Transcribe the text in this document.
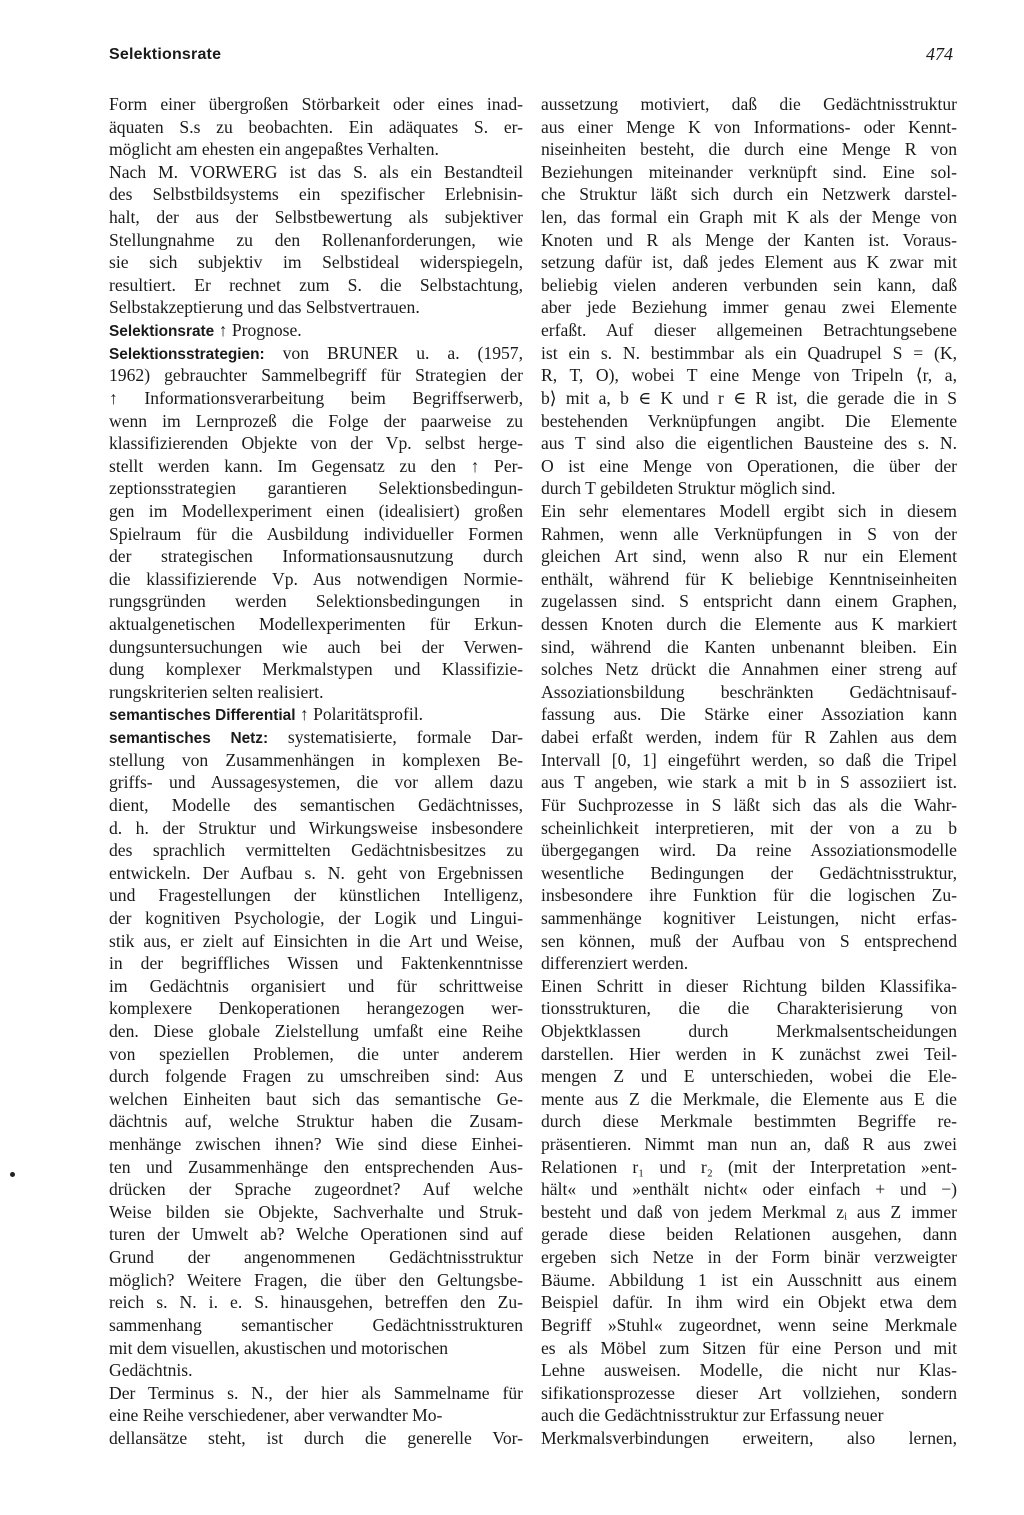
Selektionsrate	474
Form einer übergroßen Störbarkeit oder eines inad-
äquaten S.s zu beobachten. Ein adäquates S. er-
möglicht am ehesten ein angepaßtes Verhalten.
Nach M. VORWERG ist das S. als ein Bestandteil
des Selbstbildsystems ein spezifischer Erlebnisin-
halt, der aus der Selbstbewertung als subjektiver
Stellungnahme zu den Rollenanforderungen, wie
sie sich subjektiv im Selbstideal widerspiegeln,
resultiert. Er rechnet zum S. die Selbstachtung,
Selbstakzeptierung und das Selbstvertrauen.
Selektionsrate ↑ Prognose.
Selektionsstrategien: von BRUNER u. a. (1957,
1962) gebrauchter Sammelbegriff für Strategien der
↑ Informationsverarbeitung beim Begriffserwerb,
wenn im Lernprozeß die Folge der paarweise zu
klassifizierenden Objekte von der Vp. selbst herge-
stellt werden kann. Im Gegensatz zu den ↑ Per-
zeptionsstrategien garantieren Selektionsbedingun-
gen im Modellexperiment einen (idealisiert) großen
Spielraum für die Ausbildung individueller Formen
der strategischen Informationsausnutzung durch
die klassifizierende Vp. Aus notwendigen Normie-
rungsgründen werden Selektionsbedingungen in
aktualgenetischen Modellexperimenten für Erkun-
dungsuntersuchungen wie auch bei der Verwen-
dung komplexer Merkmalstypen und Klassifizie-
rungskriterien selten realisiert.
semantisches Differential ↑ Polaritätsprofil.
semantisches Netz: systematisierte, formale Dar-
stellung von Zusammenhängen in komplexen Be-
griffs- und Aussagesystemen, die vor allem dazu
dient, Modelle des semantischen Gedächtnisses,
d. h. der Struktur und Wirkungsweise insbesondere
des sprachlich vermittelten Gedächtnisbesitzes zu
entwickeln. Der Aufbau s. N. geht von Ergebnissen
und Fragestellungen der künstlichen Intelligenz,
der kognitiven Psychologie, der Logik und Lingui-
stik aus, er zielt auf Einsichten in die Art und Weise,
in der begriffliches Wissen und Faktenkenntnisse
im Gedächtnis organisiert und für schrittweise
komplexere Denkoperationen herangezogen wer-
den. Diese globale Zielstellung umfaßt eine Reihe
von speziellen Problemen, die unter anderem
durch folgende Fragen zu umschreiben sind: Aus
welchen Einheiten baut sich das semantische Ge-
dächtnis auf, welche Struktur haben die Zusam-
menhänge zwischen ihnen? Wie sind diese Einhei-
ten und Zusammenhänge den entsprechenden Aus-
drücken der Sprache zugeordnet? Auf welche
Weise bilden sie Objekte, Sachverhalte und Struk-
turen der Umwelt ab? Welche Operationen sind auf
Grund der angenommenen Gedächtnisstruktur
möglich? Weitere Fragen, die über den Geltungsbe-
reich s. N. i. e. S. hinausgehen, betreffen den Zu-
sammenhang semantischer Gedächtnisstrukturen
mit dem visuellen, akustischen und motorischen
Gedächtnis.
Der Terminus s. N., der hier als Sammelname für
eine Reihe verschiedener, aber verwandter Mo-
dellansätze steht, ist durch die generelle Vor-
aussetzung motiviert, daß die Gedächtnisstruktur
aus einer Menge K von Informations- oder Kennt-
niseinheiten besteht, die durch eine Menge R von
Beziehungen miteinander verknüpft sind. Eine sol-
che Struktur läßt sich durch ein Netzwerk darstel-
len, das formal ein Graph mit K als der Menge von
Knoten und R als Menge der Kanten ist. Voraus-
setzung dafür ist, daß jedes Element aus K zwar mit
beliebig vielen anderen verbunden sein kann, daß
aber jede Beziehung immer genau zwei Elemente
erfaßt. Auf dieser allgemeinen Betrachtungsebene
ist ein s. N. bestimmbar als ein Quadrupel S = (K,
R, T, O), wobei T eine Menge von Tripeln ⟨r, a,
b⟩ mit a, b ∈ K und r ∈ R ist, die gerade die in S
bestehenden Verknüpfungen angibt. Die Elemente
aus T sind also die eigentlichen Bausteine des s. N.
O ist eine Menge von Operationen, die über der
durch T gebildeten Struktur möglich sind.
Ein sehr elementares Modell ergibt sich in diesem
Rahmen, wenn alle Verknüpfungen in S von der
gleichen Art sind, wenn also R nur ein Element
enthält, während für K beliebige Kenntniseinheiten
zugelassen sind. S entspricht dann einem Graphen,
dessen Knoten durch die Elemente aus K markiert
sind, während die Kanten unbenannt bleiben. Ein
solches Netz drückt die Annahmen einer streng auf
Assoziationsbildung beschränkten Gedächtnisauf-
fassung aus. Die Stärke einer Assoziation kann
dabei erfaßt werden, indem für R Zahlen aus dem
Intervall [0, 1] eingeführt werden, so daß die Tripel
aus T angeben, wie stark a mit b in S assoziiert ist.
Für Suchprozesse in S läßt sich das als die Wahr-
scheinlichkeit interpretieren, mit der von a zu b
übergegangen wird. Da reine Assoziationsmodelle
wesentliche Bedingungen der Gedächtnisstruktur,
insbesondere ihre Funktion für die logischen Zu-
sammenhänge kognitiver Leistungen, nicht erfas-
sen können, muß der Aufbau von S entsprechend
differenziert werden.
Einen Schritt in dieser Richtung bilden Klassifika-
tionsstrukturen, die die Charakterisierung von
Objektklassen durch Merkmalsentscheidungen
darstellen. Hier werden in K zunächst zwei Teil-
mengen Z und E unterschieden, wobei die Ele-
mente aus Z die Merkmale, die Elemente aus E die
durch diese Merkmale bestimmten Begriffe re-
präsentieren. Nimmt man nun an, daß R aus zwei
Relationen r₁ und r₂ (mit der Interpretation »ent-
hält« und »enthält nicht« oder einfach + und −)
besteht und daß von jedem Merkmal zᵢ aus Z immer
gerade diese beiden Relationen ausgehen, dann
ergeben sich Netze in der Form binär verzweigter
Bäume. Abbildung 1 ist ein Ausschnitt aus einem
Beispiel dafür. In ihm wird ein Objekt etwa dem
Begriff »Stuhl« zugeordnet, wenn seine Merkmale
es als Möbel zum Sitzen für eine Person und mit
Lehne ausweisen. Modelle, die nicht nur Klas-
sifikationsprozesse dieser Art vollziehen, sondern
auch die Gedächtnisstruktur zur Erfassung neuer
Merkmalsverbindungen erweitern, also lernen,
